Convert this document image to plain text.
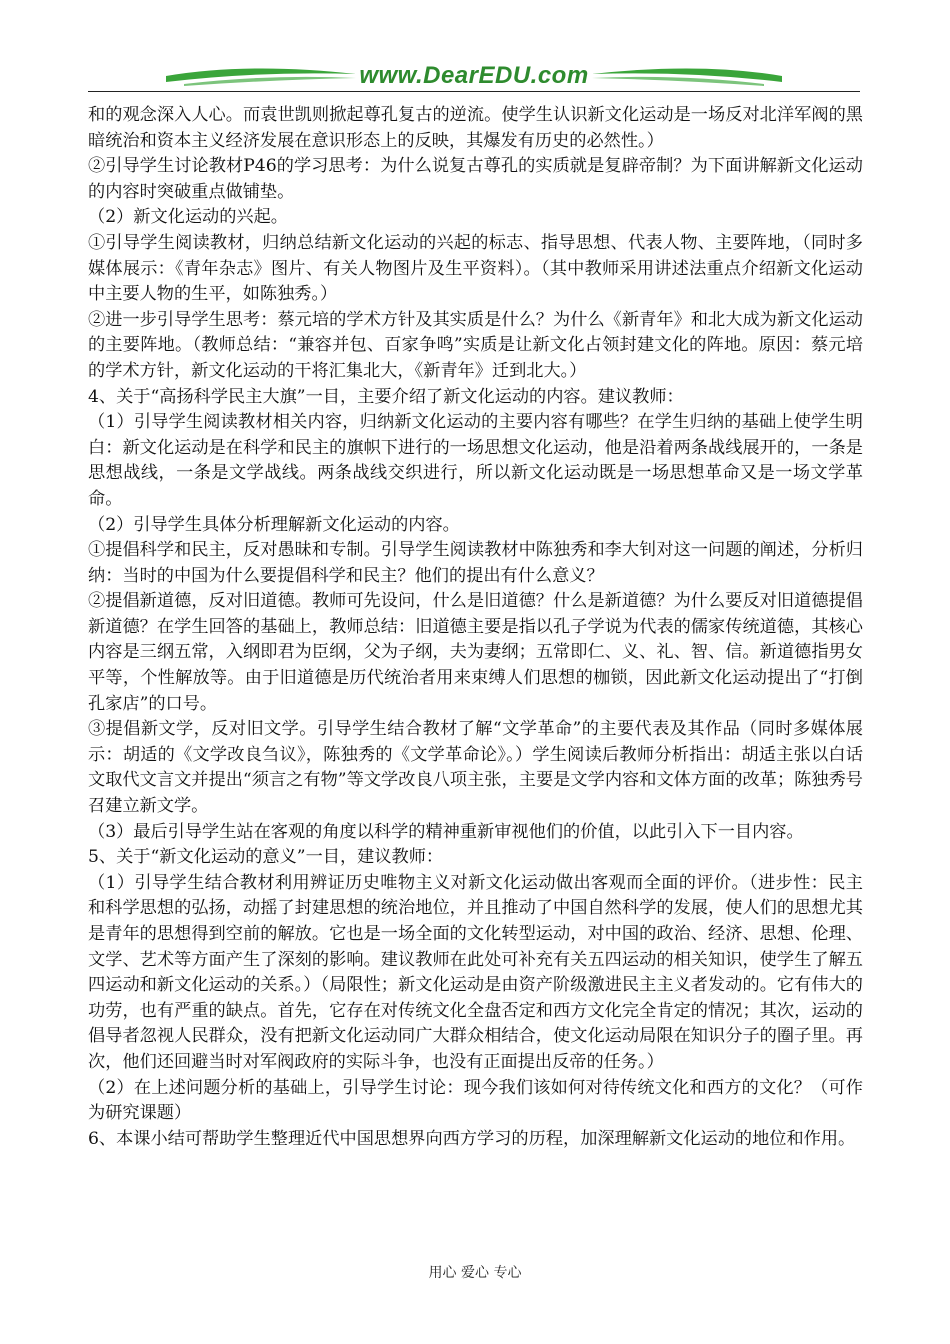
www.DearEDU.com

和的观念深入人心。而袁世凯则掀起尊孔复古的逆流。使学生认识新文化运动是一场反对北洋军阀的黑暗统治和资本主义经济发展在意识形态上的反映，其爆发有历史的必然性。）

②引导学生讨论教材P46的学习思考：为什么说复古尊孔的实质就是复辟帝制？为下面讲解新文化运动的内容时突破重点做铺垫。

（2）新文化运动的兴起。

①引导学生阅读教材，归纳总结新文化运动的兴起的标志、指导思想、代表人物、主要阵地，（同时多媒体展示：《青年杂志》图片、有关人物图片及生平资料）。（其中教师采用讲述法重点介绍新文化运动中主要人物的生平，如陈独秀。）

②进一步引导学生思考：蔡元培的学术方针及其实质是什么？为什么《新青年》和北大成为新文化运动的主要阵地。（教师总结：“兼容并包、百家争鸣”实质是让新文化占领封建文化的阵地。原因：蔡元培的学术方针，新文化运动的干将汇集北大，《新青年》迁到北大。）

4、关于“高扬科学民主大旗”一目，主要介绍了新文化运动的内容。建议教师：

（1）引导学生阅读教材相关内容，归纳新文化运动的主要内容有哪些？在学生归纳的基础上使学生明白：新文化运动是在科学和民主的旗帜下进行的一场思想文化运动，他是沿着两条战线展开的，一条是思想战线，一条是文学战线。两条战线交织进行，所以新文化运动既是一场思想革命又是一场文学革命。

（2）引导学生具体分析理解新文化运动的内容。

①提倡科学和民主，反对愚昧和专制。引导学生阅读教材中陈独秀和李大钊对这一问题的阐述，分析归纳：当时的中国为什么要提倡科学和民主？他们的提出有什么意义？

②提倡新道德，反对旧道德。教师可先设问，什么是旧道德？什么是新道德？为什么要反对旧道德提倡新道德？在学生回答的基础上，教师总结：旧道德主要是指以孔子学说为代表的儒家传统道德，其核心内容是三纲五常，入纲即君为臣纲，父为子纲，夫为妻纲；五常即仁、义、礼、智、信。新道德指男女平等，个性解放等。由于旧道德是历代统治者用来束缚人们思想的枷锁，因此新文化运动提出了“打倒孔家店”的口号。

③提倡新文学，反对旧文学。引导学生结合教材了解“文学革命”的主要代表及其作品（同时多媒体展示：胡适的《文学改良刍议》，陈独秀的《文学革命论》。）学生阅读后教师分析指出：胡适主张以白话文取代文言文并提出“须言之有物”等文学改良八项主张，主要是文学内容和文体方面的改革；陈独秀号召建立新文学。

（3）最后引导学生站在客观的角度以科学的精神重新审视他们的价值，以此引入下一目内容。

5、关于“新文化运动的意义”一目，建议教师：

（1）引导学生结合教材利用辨证历史唯物主义对新文化运动做出客观而全面的评价。（进步性：民主和科学思想的弘扬，动摇了封建思想的统治地位，并且推动了中国自然科学的发展，使人们的思想尤其是青年的思想得到空前的解放。它也是一场全面的文化转型运动，对中国的政治、经济、思想、伦理、文学、艺术等方面产生了深刻的影响。建议教师在此处可补充有关五四运动的相关知识，使学生了解五四运动和新文化运动的关系。）（局限性；新文化运动是由资产阶级激进民主主义者发动的。它有伟大的功劳，也有严重的缺点。首先，它存在对传统文化全盘否定和西方文化完全肯定的情况；其次，运动的倡导者忽视人民群众，没有把新文化运动同广大群众相结合，使文化运动局限在知识分子的圈子里。再次，他们还回避当时对军阀政府的实际斗争，也没有正面提出反帝的任务。）

（2）在上述问题分析的基础上，引导学生讨论：现今我们该如何对待传统文化和西方的文化？（可作为研究课题）

6、本课小结可帮助学生整理近代中国思想界向西方学习的历程，加深理解新文化运动的地位和作用。

用心 爱心 专心
